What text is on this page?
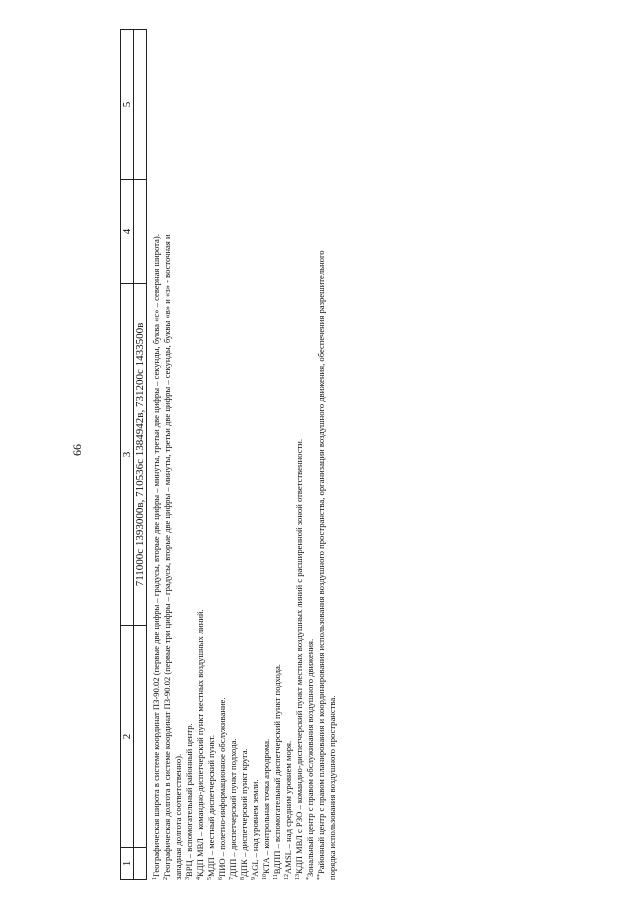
66
1	2	3	4	5
		711000с 1393000в, 710536с 1384942в, 731200с 1433500в		
$^1$Географическая широта в системе координат ПЗ-90.02 (первые две цифры – градусы, вторые две цифры – минуты, третьи две цифры – секунды, буква «с» – северная широта).
$^2$Географическая долгота в системе координат ПЗ-90.02 (первые три цифры – градусы, вторые две цифры – минуты, третьи две цифры – секунды, буквы «в» и «з» - восточная и западная долгота соответственно). $^3$ВРЦ – вспомогательный районный центр.
$^4$КДП МВЛ – командно-диспетчерский пункт местных воздушных линий.
$^5$МДП – местный диспетчерский пункт.
$^6$ПИО – полетно-информационное обслуживание.
$^7$ДПП – диспетчерский пункт подхода.
$^8$ДПК – диспетчерский пункт круга.
$^9$AGL – над уровнем земли. $^{10}$КТА – контрольная точка аэродрома.
$^{11}$ВДПП – вспомогательный диспетчерский пункт подхода.
$^{12}$AMSL – над средним уровнем моря.
$^{13}$КДП МВЛ с РЗО – командно-диспетчерский пункт местных воздушных линий с расширенной зоной ответственности.
*Зональный центр с правом обслуживания воздушного движения. **Районный центр с правом планирования и координирования использования воздушного пространства, организации воздушного движения, обеспечения разрешительного порядка использования воздушного пространства.
